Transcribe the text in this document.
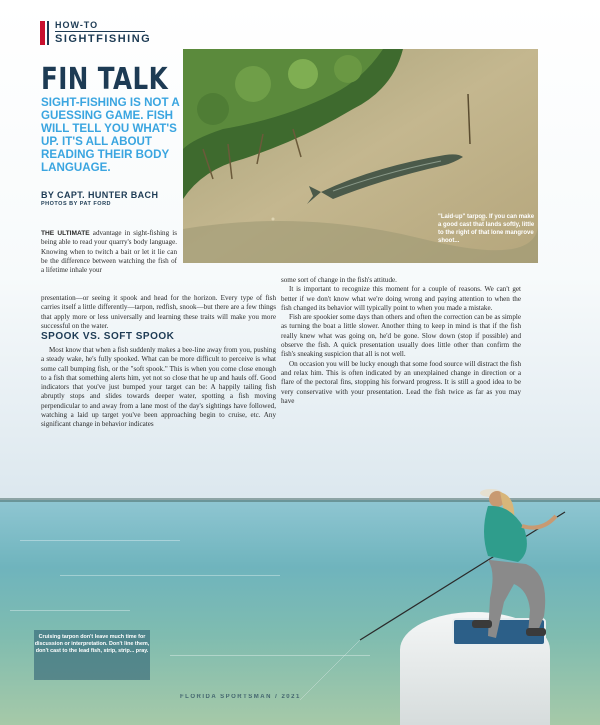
HOW-TO
SIGHTFISHING
"Laid-up" tarpon. If you can make a good cast that lands softly, little to the right of that lone mangrove shoot...
FIN TALK
SIGHT-FISHING IS NOT A GUESSING GAME. FISH WILL TELL YOU WHAT'S UP. IT'S ALL ABOUT READING THEIR BODY LANGUAGE.
BY CAPT. HUNTER BACH
PHOTOS BY PAT FORD

THE ULTIMATE advantage in sight-fishing is being able to read your quarry's body language. Knowing when to twitch a bait or let it lie can be the difference between watching the fish of a lifetime inhale your

presentation—or seeing it spook and head for the horizon. Every type of fish carries itself a little differently—tarpon, redfish, snook—but there are a few things that apply more or less universally and learning these traits will make you more successful on the water.

SPOOK VS. SOFT SPOOK

Most know that when a fish suddenly makes a bee-line away from you, pushing a steady wake, he's fully spooked. What can be more difficult to perceive is what some call bumping fish, or the "soft spook." This is when you come close enough to a fish that something alerts him, yet not so close that he up and hauls off. Good indicators that you've just bumped your target can be: A happily tailing fish abruptly stops and slides towards deeper water, spotting a fish moving perpendicular to and away from a lane most of the day's sightings have followed, watching a laid up target you've been approaching begin to cruise, etc. Any significant change in behavior indicates

some sort of change in the fish's attitude.

It is important to recognize this moment for a couple of reasons. We can't get better if we don't know what we're doing wrong and paying attention to when the fish changed its behavior will typically point to when you made a mistake.

Fish are spookier some days than others and often the correction can be as simple as turning the boat a little slower. Another thing to keep in mind is that if the fish really knew what was going on, he'd be gone. Slow down (stop if possible) and observe the fish. A quick presentation usually does little other than confirm the fish's sneaking suspicion that all is not well.

On occasion you will be lucky enough that some food source will distract the fish and relax him. This is often indicated by an unexplained change in direction or a flare of the pectoral fins, stopping his forward progress. It is still a good idea to be very conservative with your presentation. Lead the fish twice as far as you may have

Cruising tarpon don't leave much time for discussion or interpretation. Don't line them, don't cast to the lead fish, strip, strip... pray.
FLORIDA SPORTSMAN / 2021
